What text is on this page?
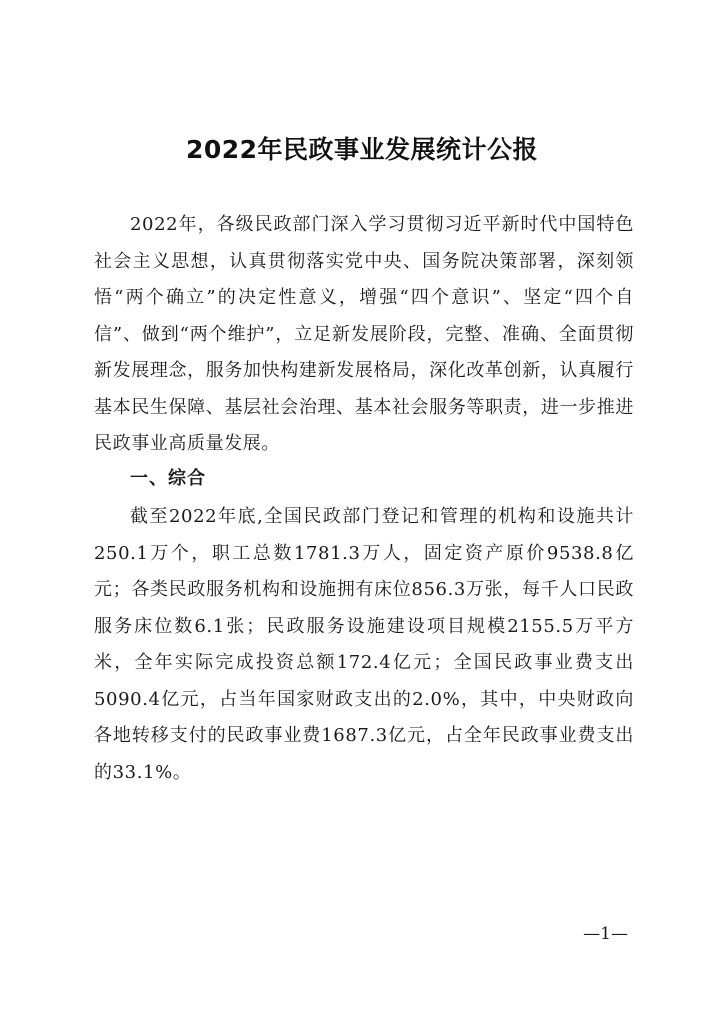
2022年民政事业发展统计公报

2022年，各级民政部门深入学习贯彻习近平新时代中国特色社会主义思想，认真贯彻落实党中央、国务院决策部署，深刻领悟“两个确立”的决定性意义，增强“四个意识”、坚定“四个自信”、做到“两个维护”，立足新发展阶段，完整、准确、全面贯彻新发展理念，服务加快构建新发展格局，深化改革创新，认真履行基本民生保障、基层社会治理、基本社会服务等职责，进一步推进民政事业高质量发展。

一、综合

截至2022年底,全国民政部门登记和管理的机构和设施共计250.1万个，职工总数1781.3万人，固定资产原价9538.8亿元；各类民政服务机构和设施拥有床位856.3万张，每千人口民政服务床位数6.1张；民政服务设施建设项目规模2155.5万平方米，全年实际完成投资总额172.4亿元；全国民政事业费支出5090.4亿元，占当年国家财政支出的2.0%，其中，中央财政向各地转移支付的民政事业费1687.3亿元，占全年民政事业费支出的33.1%。

—1—
